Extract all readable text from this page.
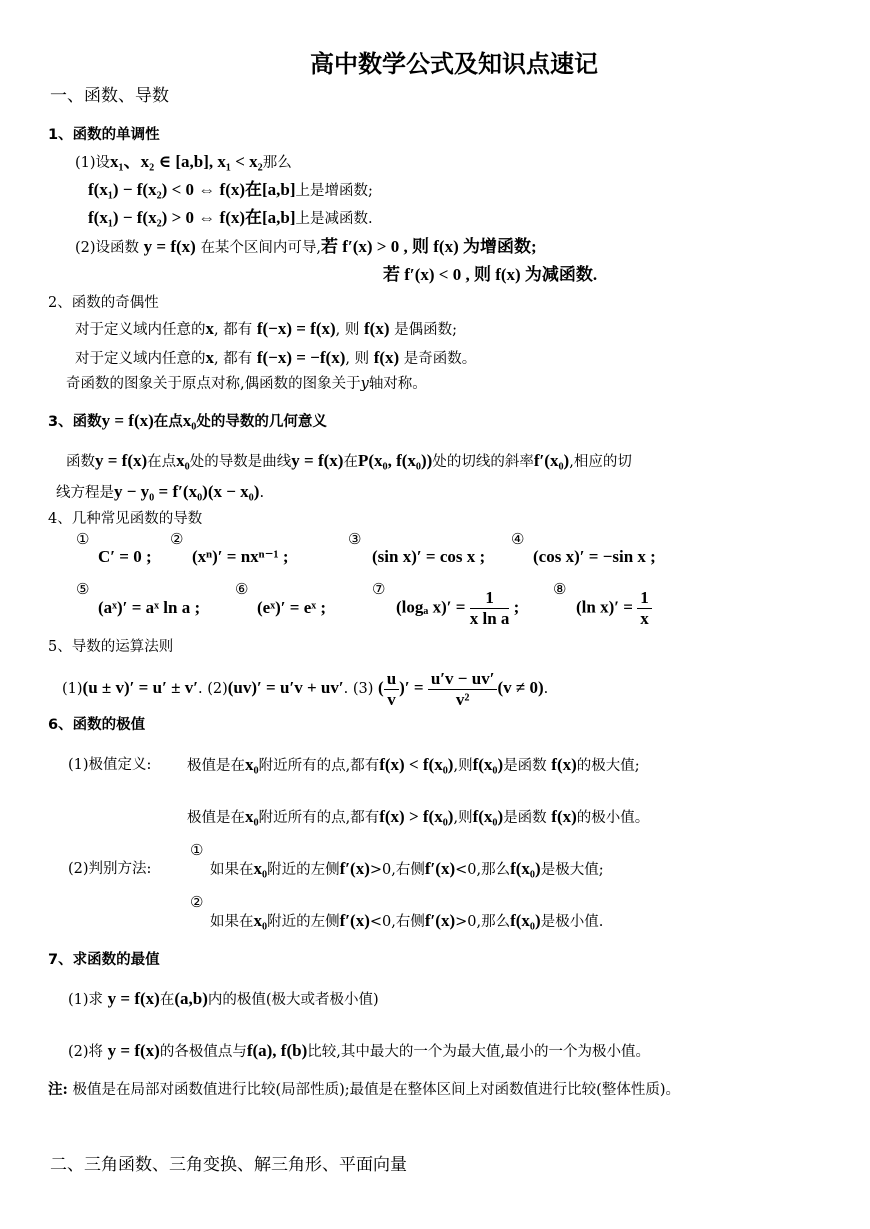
高中数学公式及知识点速记
一、函数、导数
1、函数的单调性
(1)设x₁、x₂ ∈ [a,b], x₁ < x₂那么
f(x₁) − f(x₂) < 0 ⇔ f(x)在[a,b]上是增函数;
f(x₁) − f(x₂) > 0 ⇔ f(x)在[a,b]上是减函数.
(2)设函数 y = f(x) 在某个区间内可导,若 f′(x) > 0 , 则 f(x) 为增函数;
若 f′(x) < 0 , 则 f(x) 为减函数.
2、函数的奇偶性
对于定义域内任意的x, 都有 f(−x) = f(x), 则 f(x) 是偶函数;
对于定义域内任意的x, 都有 f(−x) = −f(x), 则 f(x) 是奇函数。
奇函数的图象关于原点对称,偶函数的图象关于y轴对称。
3、函数y = f(x)在点x₀处的导数的几何意义
函数y = f(x)在点x₀处的导数是曲线y = f(x)在P(x₀, f(x₀))处的切线的斜率f′(x₀),相应的切
线方程是y − y₀ = f′(x₀)(x − x₀).
4、几种常见函数的导数
①
C′ = 0 ;
②
(xⁿ)′ = nxⁿ⁻¹ ;
③
(sin x)′ = cos x ;
④
(cos x)′ = −sin x ;
⑤
(aˣ)′ = aˣ ln a ;
⑥
(eˣ)′ = eˣ ;
⑦
(logₐ $x)' = \frac{1}{\text{x ln a}}$ ;
⑧
(ln $x)' = \frac{1}{x}$
5、导数的运算法则
(1)(u ± v)′ = u′ ± v′. (2)(uv)′ = u′v + uv′. (3) ( $\frac{u}{v}$ )′ = $\frac{u'v - uv'}{\text{v²}} (v \ne 0)$.
6、函数的极值
(1)极值定义: 极值是在x₀附近所有的点,都有f(x) < f(x₀),则f(x₀)是函数 f(x)的极大值;
极值是在x₀附近所有的点,都有f(x) > f(x₀),则f(x₀)是函数 f(x)的极小值。
(2)判别方法:
①
如果在x₀附近的左侧f′(x)>0,右侧f′(x)<0,那么f(x₀)是极大值;
②
如果在x₀附近的左侧f′(x)<0,右侧f′(x)>0,那么f(x₀)是极小值.
7、求函数的最值
(1)求 y = f(x)在(a,b)内的极值(极大或者极小值)
(2)将 y = f(x)的各极值点与f(a), f(b)比较,其中最大的一个为最大值,最小的一个为极小值。
注: 极值是在局部对函数值进行比较(局部性质);最值是在整体区间上对函数值进行比较(整体性质)。
二、三角函数、三角变换、解三角形、平面向量
